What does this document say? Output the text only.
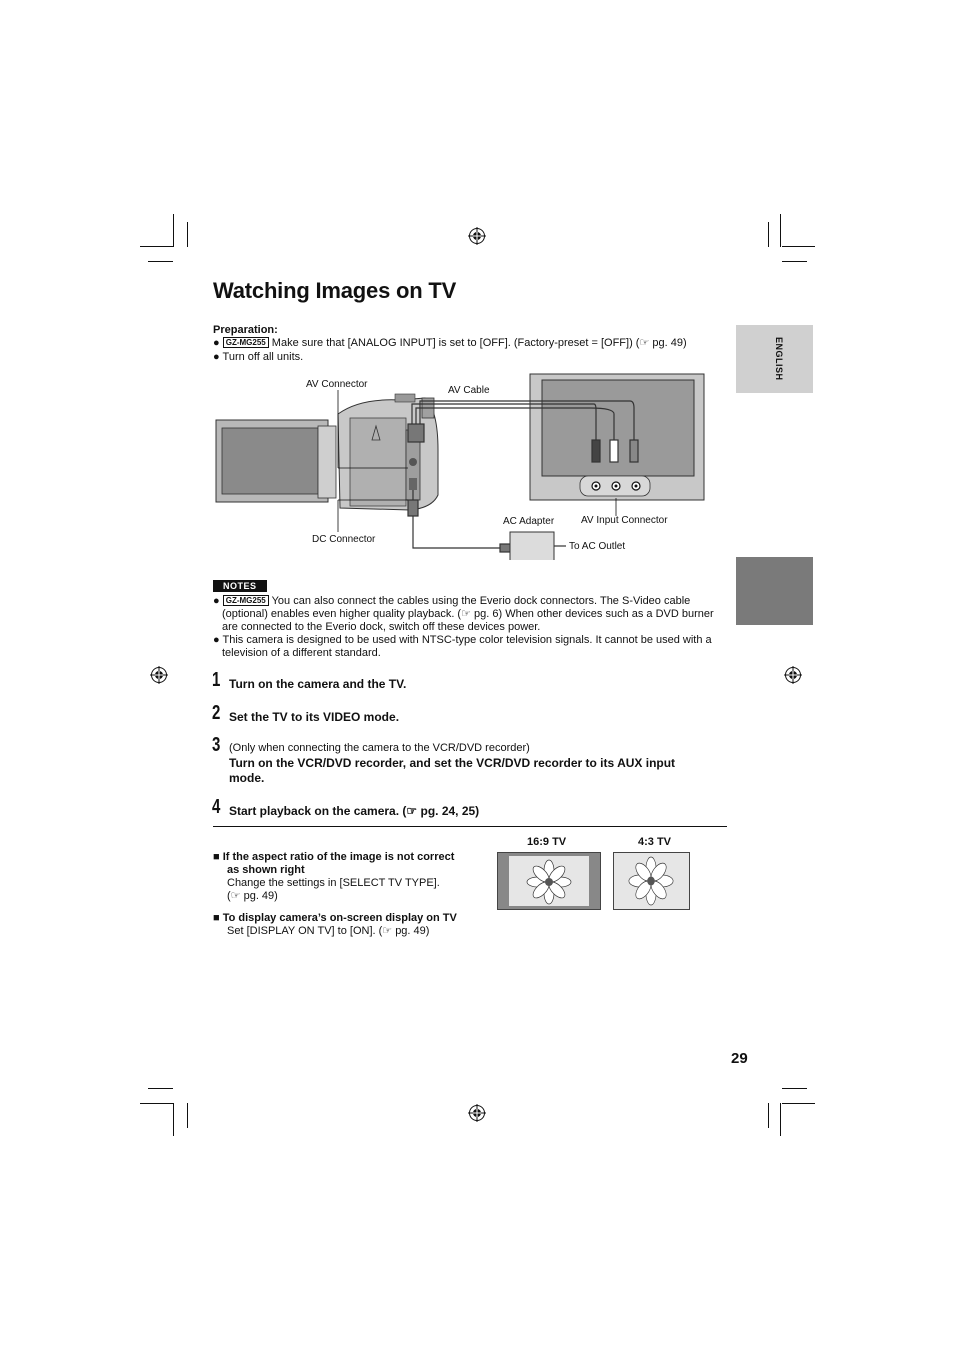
ENGLISH
Watching Images on TV
Preparation:
● GZ-MG255 Make sure that [ANALOG INPUT] is set to [OFF]. (Factory-preset = [OFF]) (☞ pg. 49)
● Turn off all units.
AV Connector
AV Cable
DC Connector
AC Adapter	AV Input Connector
To AC Outlet
NOTES
● GZ-MG255 You can also connect the cables using the Everio dock connectors. The S-Video cable
(optional) enables even higher quality playback. (☞ pg. 6) When other devices such as a DVD burner
are connected to the Everio dock, switch off these devices power.
● This camera is designed to be used with NTSC-type color television signals. It cannot be used with a
television of a different standard.
1 Turn on the camera and the TV.
2 Set the TV to its VIDEO mode.
3 (Only when connecting the camera to the VCR/DVD recorder)
Turn on the VCR/DVD recorder, and set the VCR/DVD recorder to its AUX input
mode.
4 Start playback on the camera. (☞ pg. 24, 25)
■ If the aspect ratio of the image is not correct
as shown right
Change the settings in [SELECT TV TYPE].
(☞ pg. 49)
■ To display camera’s on-screen display on TV
Set [DISPLAY ON TV] to [ON]. (☞ pg. 49)
16:9 TV	4:3 TV
29
